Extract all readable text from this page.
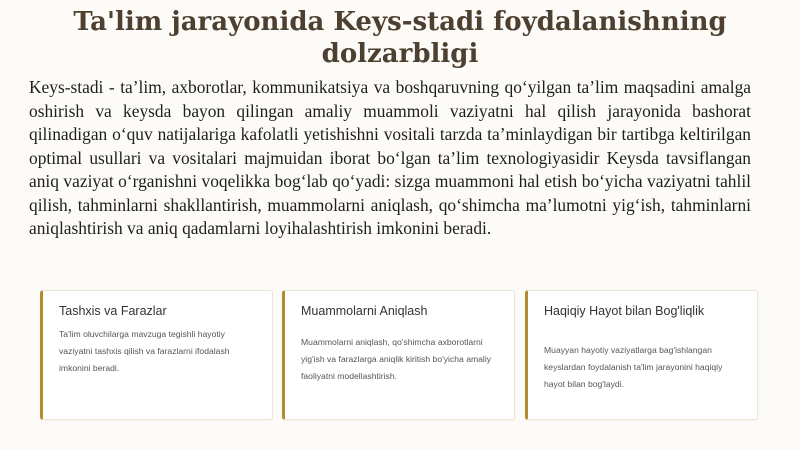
Ta'lim jarayonida Keys-stadi foydalanishning dolzarbligi

Keys-stadi - ta’lim, axborotlar, kommunikatsiya va boshqaruvning qo‘yilgan ta’lim maqsadini amalga oshirish va keysda bayon qilingan amaliy muammoli vaziyatni hal qilish jarayonida bashorat qilinadigan o‘quv natijalariga kafolatli yetishishni vositali tarzda ta’minlaydigan bir tartibga keltirilgan optimal usullari va vositalari majmuidan iborat bo‘lgan ta’lim texnologiyasidir Keysda tavsiflangan aniq vaziyat o‘rganishni voqelikka bog‘lab qo‘yadi: sizga muammoni hal etish bo‘yicha vaziyatni tahlil qilish, tahminlarni shakllantirish, muammolarni aniqlash, qo‘shimcha ma’lumotni yig‘ish, tahminlarni aniqlashtirish va aniq qadamlarni loyihalashtirish imkonini beradi.

Tashxis va Farazlar
Ta'lim oluvchilarga mavzuga tegishli hayotiy vaziyatni tashxis qilish va farazlarni ifodalash imkonini beradi.
Muammolarni Aniqlash
Muammolarni aniqlash, qo'shimcha axborotlarni yig'ish va farazlarga aniqlik kiritish bo'yicha amaliy faoliyatni modellashtirish.
Haqiqiy Hayot bilan Bog'liqlik
Muayyan hayotiy vaziyatlarga bag'ishlangan keyslardan foydalanish ta'lim jarayonini haqiqiy hayot bilan bog'laydi.
